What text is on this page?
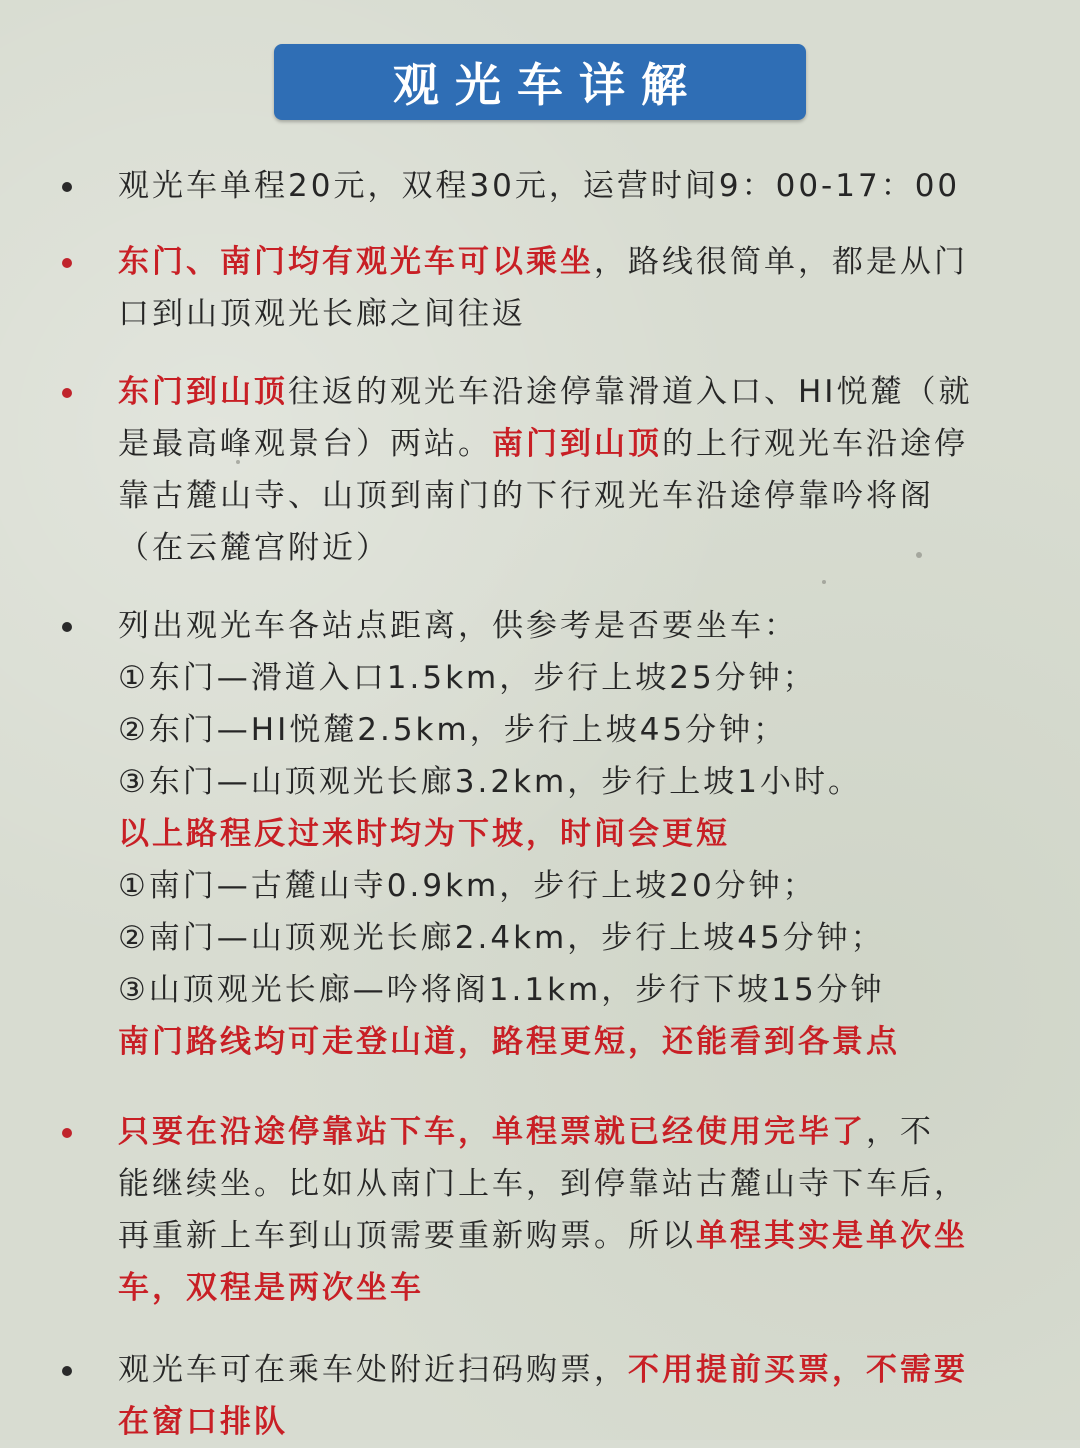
观光车详解
观光车单程20元，双程30元，运营时间9：00-17：00
东门、南门均有观光车可以乘坐，路线很简单，都是从门
口到山顶观光长廊之间往返
东门到山顶往返的观光车沿途停靠滑道入口、HI悦麓（就
是最高峰观景台）两站。南门到山顶的上行观光车沿途停
靠古麓山寺、山顶到南门的下行观光车沿途停靠吟将阁
（在云麓宫附近）
列出观光车各站点距离，供参考是否要坐车：
①东门—滑道入口1.5km，步行上坡25分钟；
②东门—HI悦麓2.5km，步行上坡45分钟；
③东门—山顶观光长廊3.2km，步行上坡1小时。
以上路程反过来时均为下坡，时间会更短
①南门—古麓山寺0.9km，步行上坡20分钟；
②南门—山顶观光长廊2.4km，步行上坡45分钟；
③山顶观光长廊—吟将阁1.1km，步行下坡15分钟
南门路线均可走登山道，路程更短，还能看到各景点
只要在沿途停靠站下车，单程票就已经使用完毕了，不
能继续坐。比如从南门上车，到停靠站古麓山寺下车后，
再重新上车到山顶需要重新购票。所以单程其实是单次坐
车，双程是两次坐车
观光车可在乘车处附近扫码购票，不用提前买票，不需要
在窗口排队
